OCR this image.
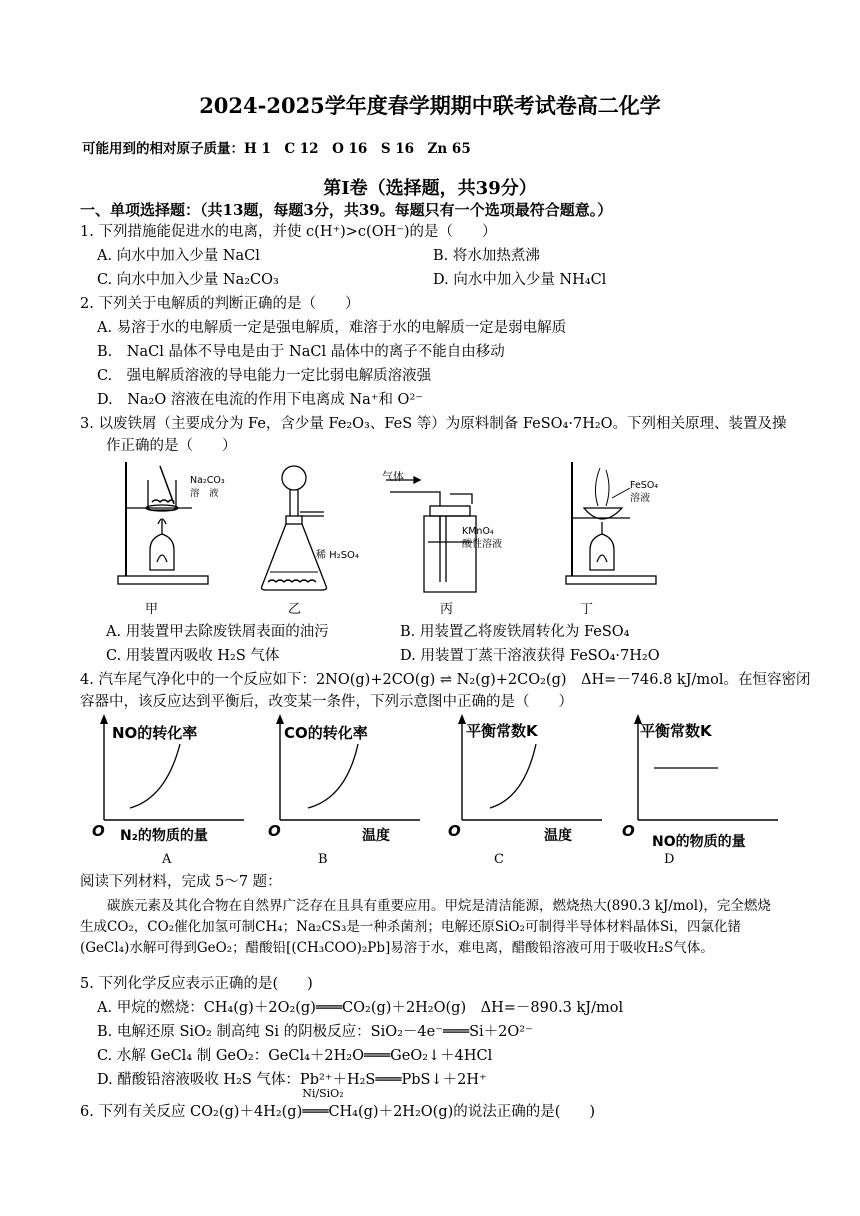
2024-2025学年度春学期期中联考试卷高二化学
可能用到的相对原子质量：H 1　C 12　O 16　S 16　Zn 65
第Ⅰ卷（选择题，共39分）
一、单项选择题：（共13题，每题3分，共39。每题只有一个选项最符合题意。）
1. 下列措施能促进水的电离，并使 c(H⁺)>c(OH⁻)的是（　　）
A. 向水中加入少量 NaCl	B. 将水加热煮沸
C. 向水中加入少量 Na₂CO₃	D. 向水中加入少量 NH₄Cl
2. 下列关于电解质的判断正确的是（　　）
A. 易溶于水的电解质一定是强电解质，难溶于水的电解质一定是弱电解质
B.　NaCl 晶体不导电是由于 NaCl 晶体中的离子不能自由移动
C.　强电解质溶液的导电能力一定比弱电解质溶液强
D.　Na₂O 溶液在电流的作用下电离成 Na⁺和 O²⁻
3. 以废铁屑（主要成分为 Fe，含少量 Fe₂O₃、FeS 等）为原料制备 FeSO₄·7H₂O。下列相关原理、装置及操
作正确的是（　　）
Na₂CO₃
溶　液
稀 H₂SO₄
气体
KMnO₄
酸性溶液
FeSO₄
溶液
甲	乙	丙	丁
A. 用装置甲去除废铁屑表面的油污	B. 用装置乙将废铁屑转化为 FeSO₄
C. 用装置丙吸收 H₂S 气体	D. 用装置丁蒸干溶液获得 FeSO₄·7H₂O
4. 汽车尾气净化中的一个反应如下：2NO(g)+2CO(g) ⇌ N₂(g)+2CO₂(g)　ΔH=－746.8 kJ/mol。在恒容密闭
容器中，该反应达到平衡后，改变某一条件，下列示意图中正确的是（　　）
NO的转化率
O N₂的物质的量
A
CO的转化率
O	温度
B
平衡常数K
O	温度
C
平衡常数K
O
NO的物质的量
D
阅读下列材料，完成 5～7 题：

碳族元素及其化合物在自然界广泛存在且具有重要应用。甲烷是清洁能源，燃烧热大(890.3 kJ/mol)，完全燃烧生成CO₂，CO₂催化加氢可制CH₄；Na₂CS₃是一种杀菌剂；电解还原SiO₂可制得半导体材料晶体Si，四氯化锗(GeCl₄)水解可得到GeO₂；醋酸铅[(CH₃COO)₂Pb]易溶于水，难电离，醋酸铅溶液可用于吸收H₂S气体。

5. 下列化学反应表示正确的是(　　)
A. 甲烷的燃烧：CH₄(g)＋2O₂(g)═══CO₂(g)＋2H₂O(g)　ΔH=－890.3 kJ/mol
B. 电解还原 SiO₂ 制高纯 Si 的阴极反应：SiO₂－4e⁻═══Si＋2O²⁻
C. 水解 GeCl₄ 制 GeO₂：GeCl₄＋2H₂O═══GeO₂↓＋4HCl
D. 醋酸铅溶液吸收 H₂S 气体：Pb²⁺＋H₂S═══PbS↓＋2H⁺
6. 下列有关反应 CO₂(g)＋4H₂(g)
Ni/SiO₂
═══CH₄(g)＋2H₂O(g)的说法正确的是(　　)
